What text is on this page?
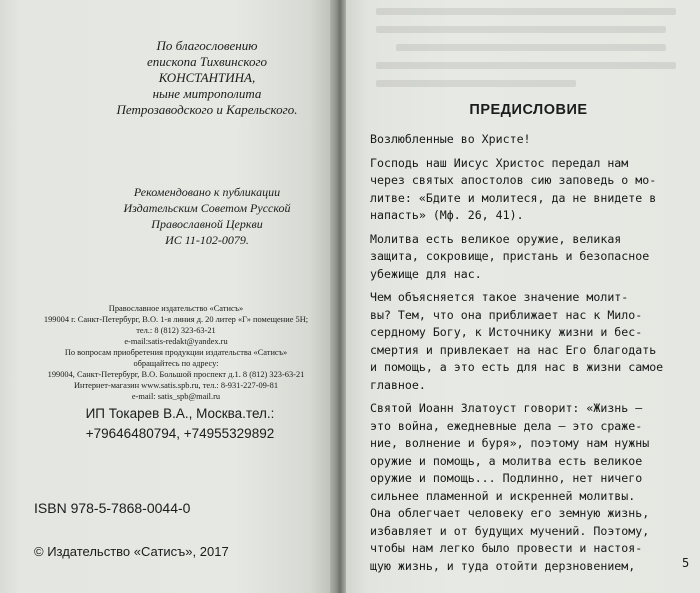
По благословению
епископа Тихвинского
КОНСТАНТИНА,
ныне митрополита
Петрозаводского и Карельского.
Рекомендовано к публикации
Издательским Советом Русской
Православной Церкви
ИС 11-102-0079.
Православное издательство «Сатисъ»
199004 г. Санкт-Петербург, В.О. 1-я линия д. 20 литер «Г» помещение 5Н;
тел.: 8 (812) 323-63-21
e-mail:satis-redakt@yandex.ru
По вопросам приобретения продукции издательства «Сатисъ»
обращайтесь по адресу:
199004, Санкт-Петербург, В.О. Большой проспект д.1. 8 (812) 323-63-21
Интернет-магазин www.satis.spb.ru, тел.: 8-931-227-09-81
e-mail: satis_spb@mail.ru
ИП Токарев В.А., Москва.тел.:
+79646480794, +74955329892
ISBN 978-5-7868-0044-0
© Издательство «Сатисъ», 2017
ПРЕДИСЛОВИЕ
Возлюбленные во Христе!
Господь наш Иисус Христос передал нам
через святых апостолов сию заповедь о мо-
литве: «Бдите и молитеся, да не внидете в
напасть» (Мф. 26, 41).
Молитва есть великое оружие, великая
защита, сокровище, пристань и безопасное
убежище для нас.
Чем объясняется такое значение молит-
вы? Тем, что она приближает нас к Мило-
сердному Богу, к Источнику жизни и бес-
смертия и привлекает на нас Его благодать
и помощь, а это есть для нас в жизни самое
главное.
Святой Иоанн Златоуст говорит: «Жизнь —
это война, ежедневные дела — это сраже-
ние, волнение и буря», поэтому нам нужны
оружие и помощь, а молитва есть великое
оружие и помощь... Подлинно, нет ничего
сильнее пламенной и искренней молитвы.
Она облегчает человеку его земную жизнь,
избавляет и от будущих мучений. Поэтому,
чтобы нам легко было провести и настоя-
щую жизнь, и туда отойти дерзновением,	5
